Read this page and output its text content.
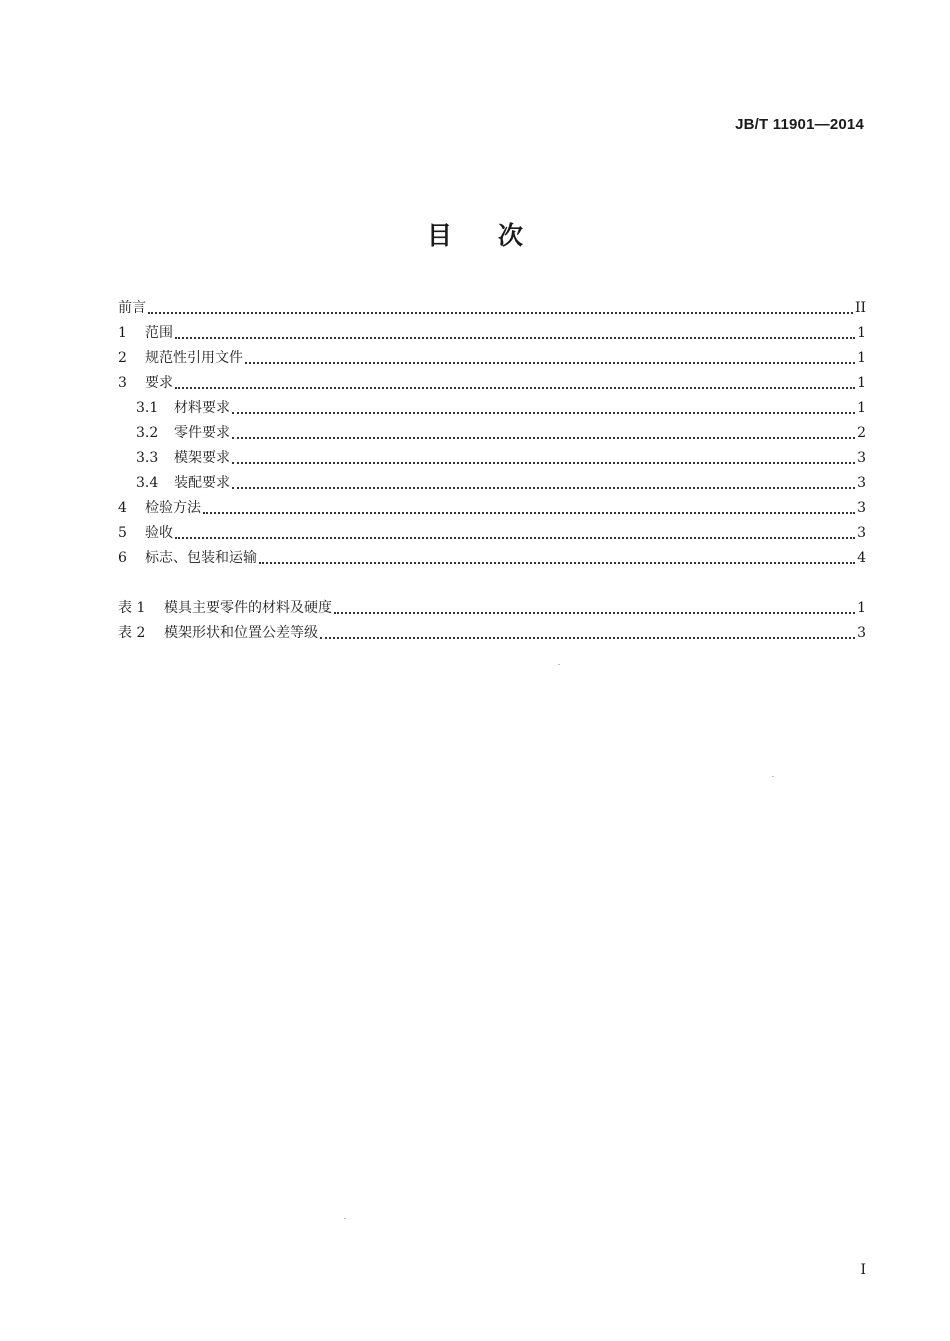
JB/T 11901—2014
目 次
前言	II
1	范围	1
2	规范性引用文件	1
3	要求	1
3.1	材料要求	1
3.2	零件要求	2
3.3	模架要求	3
3.4	装配要求	3
4	检验方法	3
5	验收	3
6	标志、包装和运输	4
表 1	模具主要零件的材料及硬度	1
表 2	模架形状和位置公差等级	3
I
